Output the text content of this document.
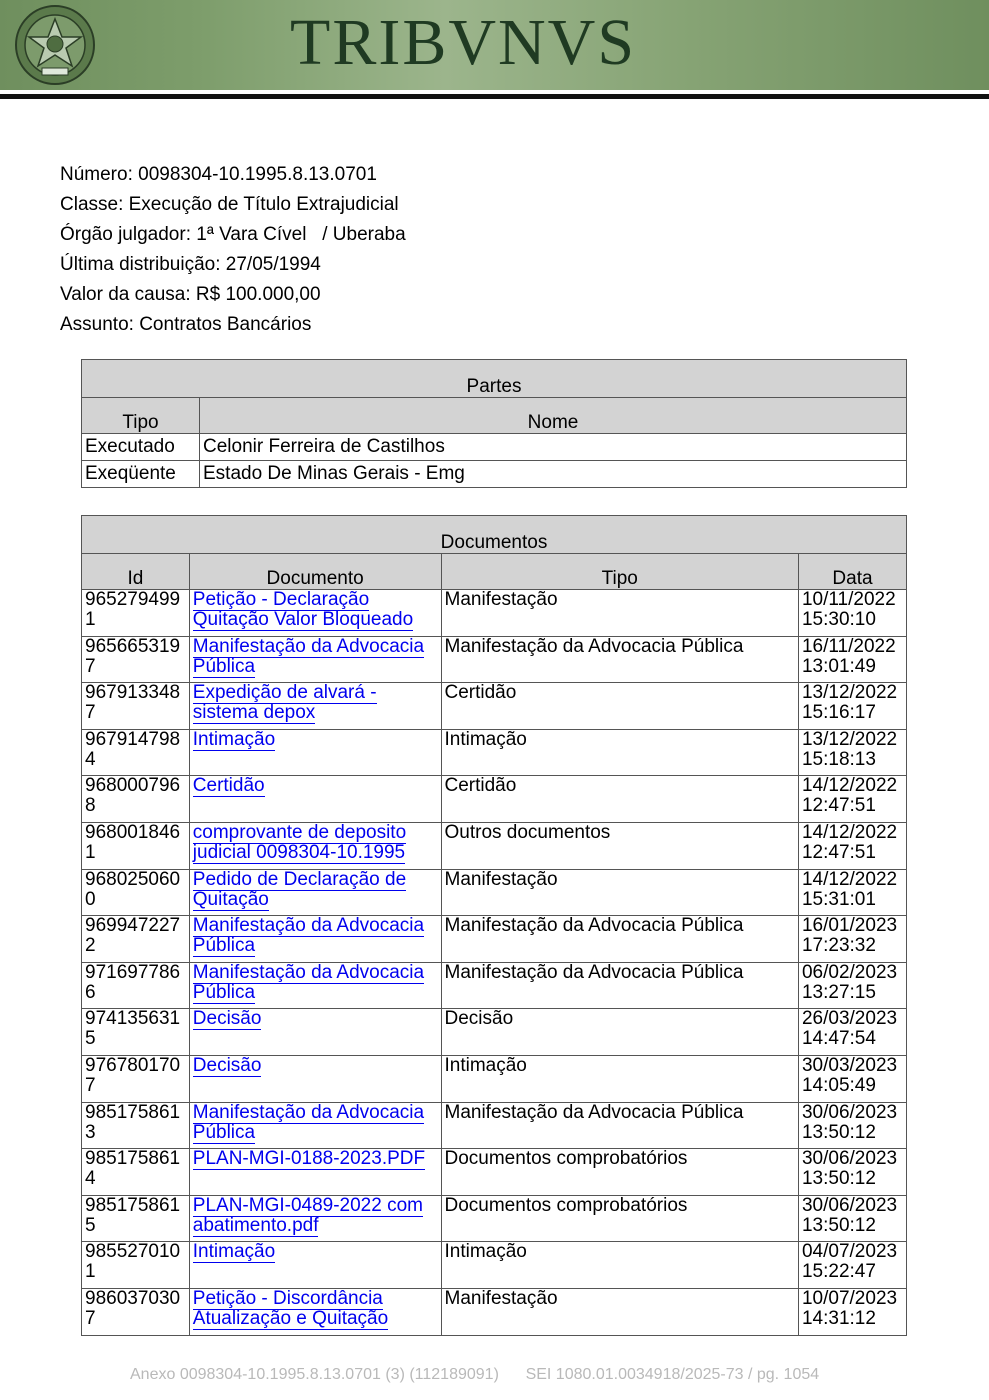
TRIBVNVS
Número: 0098304-10.1995.8.13.0701
Classe: Execução de Título Extrajudicial
Órgão julgador: 1ª Vara Cível   / Uberaba
Última distribuição: 27/05/1994
Valor da causa: R$ 100.000,00
Assunto: Contratos Bancários
Partes	
Tipo	Nome
Executado	Celonir Ferreira de Castilhos
Exeqüente	Estado De Minas Gerais - Emg
Documentos			
Id	Documento	Tipo	Data
9652794991	Petição - Declaração Quitação Valor Bloqueado	Manifestação	10/11/2022 15:30:10
9656653197	Manifestação da Advocacia Pública	Manifestação da Advocacia Pública	16/11/2022 13:01:49
9679133487	Expedição de alvará - sistema depox	Certidão	13/12/2022 15:16:17
9679147984	Intimação	Intimação	13/12/2022 15:18:13
9680007968	Certidão	Certidão	14/12/2022 12:47:51
9680018461	comprovante de deposito judicial 0098304-10.1995	Outros documentos	14/12/2022 12:47:51
9680250600	Pedido de Declaração de Quitação	Manifestação	14/12/2022 15:31:01
9699472272	Manifestação da Advocacia Pública	Manifestação da Advocacia Pública	16/01/2023 17:23:32
9716977866	Manifestação da Advocacia Pública	Manifestação da Advocacia Pública	06/02/2023 13:27:15
9741356315	Decisão	Decisão	26/03/2023 14:47:54
9767801707	Decisão	Intimação	30/03/2023 14:05:49
9851758613	Manifestação da Advocacia Pública	Manifestação da Advocacia Pública	30/06/2023 13:50:12
9851758614	PLAN-MGI-0188-2023.PDF	Documentos comprobatórios	30/06/2023 13:50:12
9851758615	PLAN-MGI-0489-2022 com abatimento.pdf	Documentos comprobatórios	30/06/2023 13:50:12
9855270101	Intimação	Intimação	04/07/2023 15:22:47
9860370307	Petição - Discordância Atualização e Quitação	Manifestação	10/07/2023 14:31:12
Anexo 0098304-10.1995.8.13.0701 (3) (112189091) SEI 1080.01.0034918/2025-73 / pg. 1054
